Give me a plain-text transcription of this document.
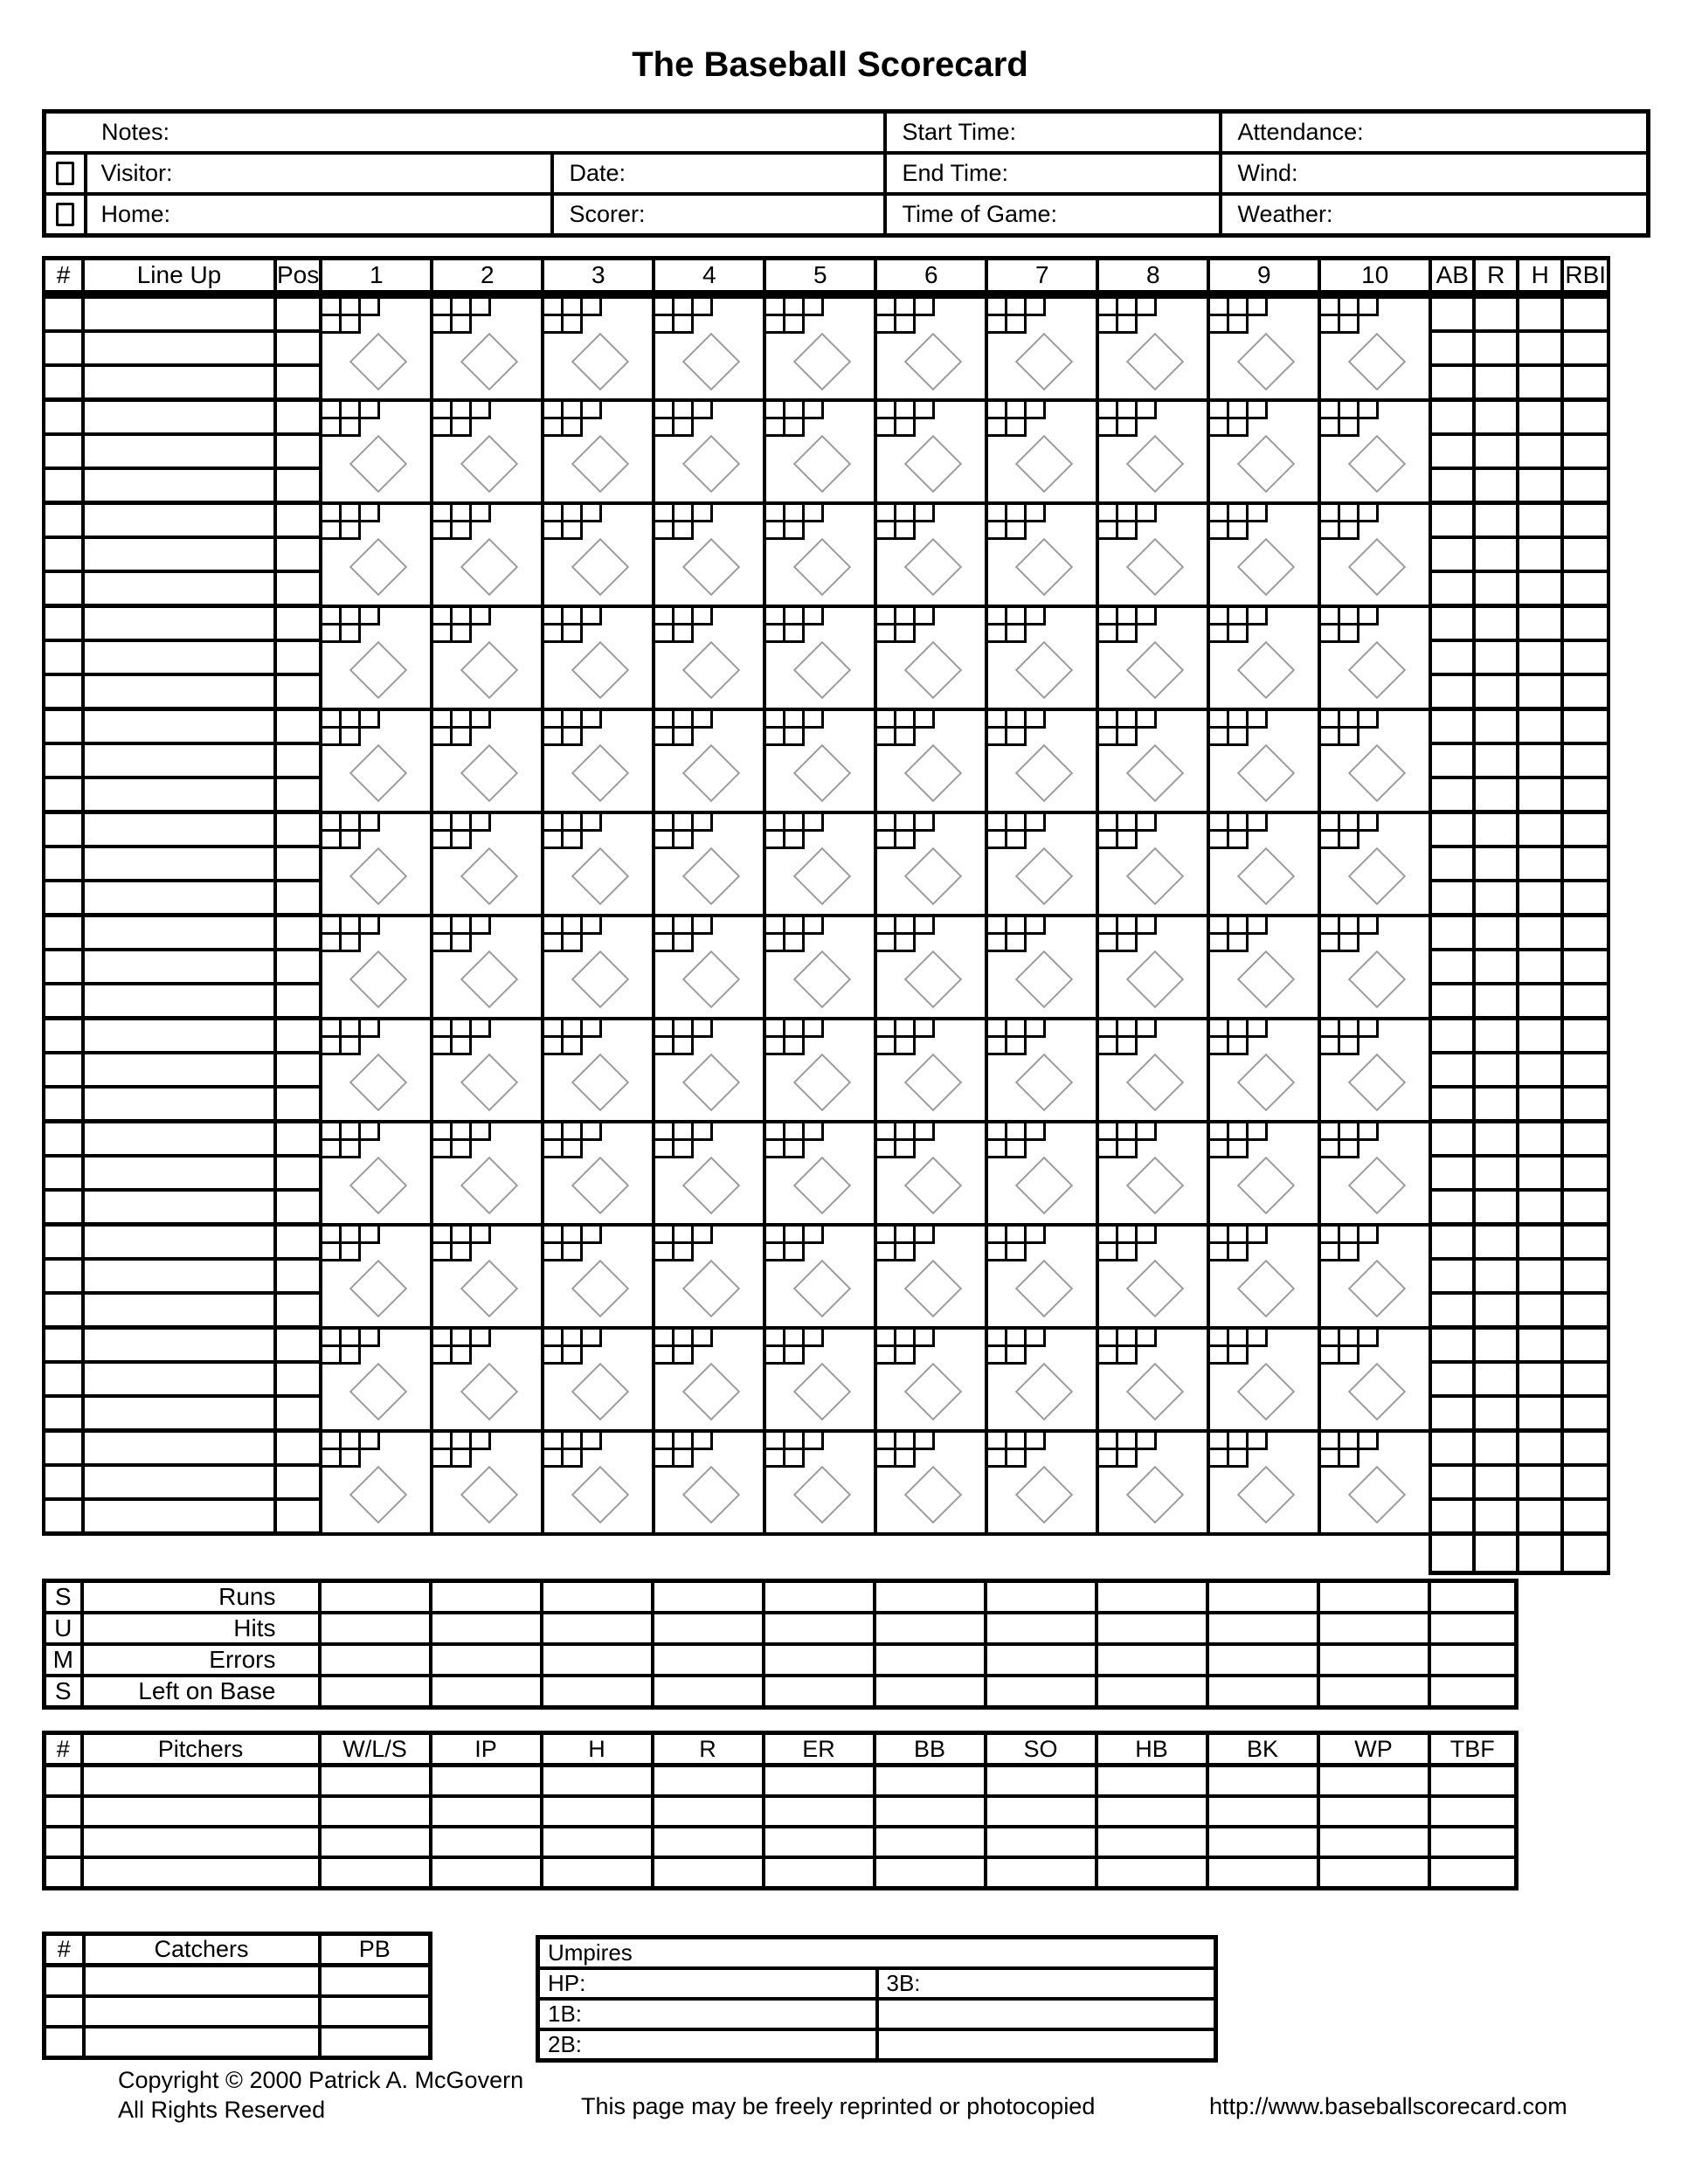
The Baseball Scorecard
Notes:			Start Time:	Attendance:

	Visitor:	Date:	End Time:	Wind:

	Home:	Scorer:	Time of Game:	Weather:
#	Line Up	Pos	1	2	3	4	5	6	7	8	9	10	AB	R	H	RBI

S	Runs											
U	Hits											
M	Errors											
S	Left on Base											
#	Pitchers	W/L/S	IP	H	R	ER	BB	SO	HB	BK	WP	TBF

#	Catchers	PB

			Umpires	
HP:	3B:
1B:	
2B:	
Copyright © 2000 Patrick A. McGovern
All Rights Reserved	This page may be freely reprinted or photocopied	http://www.baseballscorecard.com
